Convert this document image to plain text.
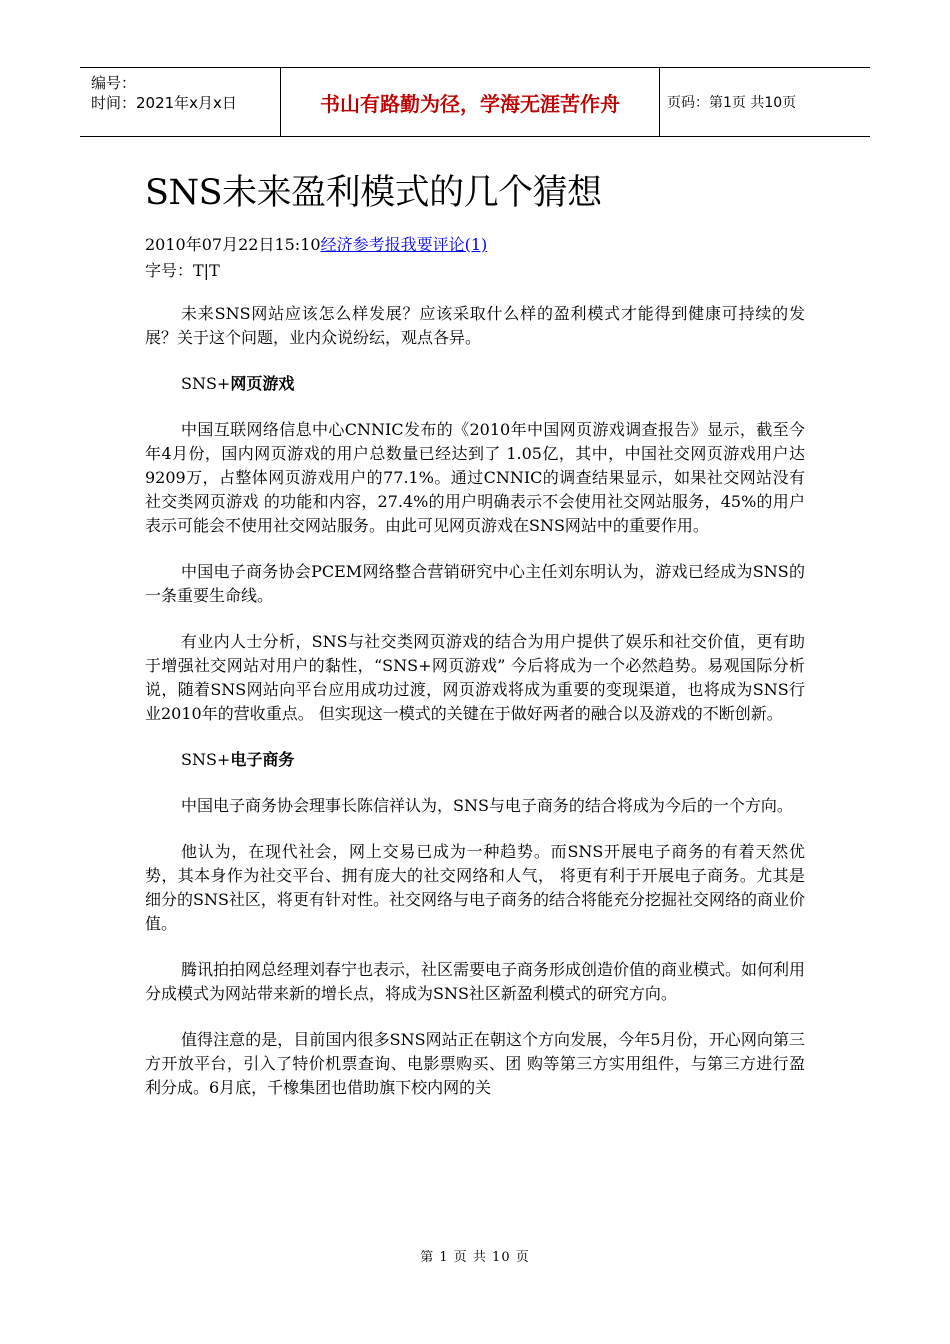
编号：
时间：2021年x月x日	书山有路勤为径，学海无涯苦作舟	页码：第1页 共10页
SNS未来盈利模式的几个猜想
2010年07月22日15:10经济参考报我要评论(1)
字号：T|T

未来SNS网站应该怎么样发展？应该采取什么样的盈利模式才能得到健康可持续的发展？关于这个问题，业内众说纷纭，观点各异。

SNS+网页游戏

中国互联网络信息中心CNNIC发布的《2010年中国网页游戏调查报告》显示，截至今年4月份，国内网页游戏的用户总数量已经达到了 1.05亿，其中，中国社交网页游戏用户达9209万，占整体网页游戏用户的77.1%。通过CNNIC的调查结果显示，如果社交网站没有社交类网页游戏 的功能和内容，27.4%的用户明确表示不会使用社交网站服务，45%的用户表示可能会不使用社交网站服务。由此可见网页游戏在SNS网站中的重要作用。

中国电子商务协会PCEM网络整合营销研究中心主任刘东明认为，游戏已经成为SNS的一条重要生命线。

有业内人士分析，SNS与社交类网页游戏的结合为用户提供了娱乐和社交价值，更有助于增强社交网站对用户的黏性，“SNS+网页游戏” 今后将成为一个必然趋势。易观国际分析说，随着SNS网站向平台应用成功过渡，网页游戏将成为重要的变现渠道，也将成为SNS行业2010年的营收重点。 但实现这一模式的关键在于做好两者的融合以及游戏的不断创新。

SNS+电子商务

中国电子商务协会理事长陈信祥认为，SNS与电子商务的结合将成为今后的一个方向。

他认为，在现代社会，网上交易已成为一种趋势。而SNS开展电子商务的有着天然优势，其本身作为社交平台、拥有庞大的社交网络和人气， 将更有利于开展电子商务。尤其是细分的SNS社区，将更有针对性。社交网络与电子商务的结合将能充分挖掘社交网络的商业价值。

腾讯拍拍网总经理刘春宁也表示，社区需要电子商务形成创造价值的商业模式。如何利用分成模式为网站带来新的增长点，将成为SNS社区新盈利模式的研究方向。

值得注意的是，目前国内很多SNS网站正在朝这个方向发展，今年5月份，开心网向第三方开放平台，引入了特价机票查询、电影票购买、团 购等第三方实用组件，与第三方进行盈利分成。6月底，千橡集团也借助旗下校内网的关

第 1 页 共 10 页
